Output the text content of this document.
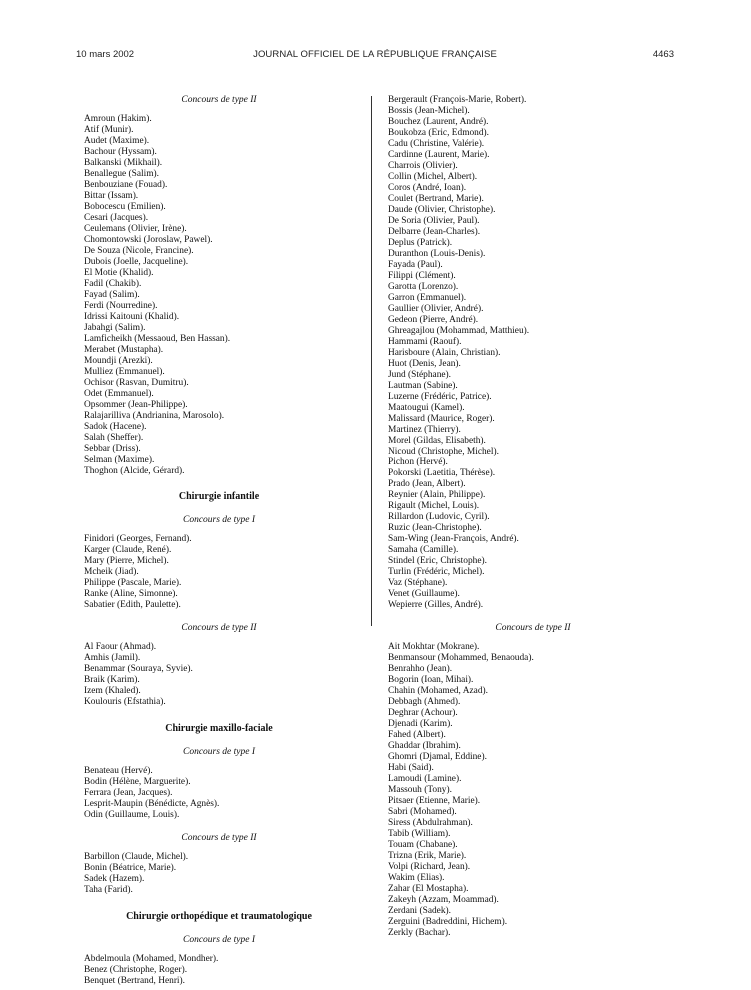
10 mars 2002	JOURNAL OFFICIEL DE LA RÉPUBLIQUE FRANÇAISE	4463
Concours de type II
Amroun (Hakim).
Atif (Munir).
Audet (Maxime).
Bachour (Hyssam).
Balkanski (Mikhail).
Benallegue (Salim).
Benbouziane (Fouad).
Bittar (Issam).
Bobocescu (Emilien).
Cesari (Jacques).
Ceulemans (Olivier, Irène).
Chomontowski (Joroslaw, Pawel).
De Souza (Nicole, Francine).
Dubois (Joelle, Jacqueline).
El Motie (Khalid).
Fadil (Chakib).
Fayad (Salim).
Ferdi (Nourredine).
Idrissi Kaitouni (Khalid).
Jabahgi (Salim).
Lamficheikh (Messaoud, Ben Hassan).
Merabet (Mustapha).
Moundji (Arezki).
Mulliez (Emmanuel).
Ochisor (Rasvan, Dumitru).
Odet (Emmanuel).
Opsommer (Jean-Philippe).
Ralajarilliva (Andrianina, Marosolo).
Sadok (Hacene).
Salah (Sheffer).
Sebbar (Driss).
Selman (Maxime).
Thoghon (Alcide, Gérard).
Chirurgie infantile
Concours de type I
Finidori (Georges, Fernand).
Karger (Claude, René).
Mary (Pierre, Michel).
Mcheik (Jiad).
Philippe (Pascale, Marie).
Ranke (Aline, Simonne).
Sabatier (Edith, Paulette).
Concours de type II
Al Faour (Ahmad).
Amhis (Jamil).
Benammar (Souraya, Syvie).
Braik (Karim).
Izem (Khaled).
Koulouris (Efstathia).
Chirurgie maxillo-faciale
Concours de type I
Benateau (Hervé).
Bodin (Hélène, Marguerite).
Ferrara (Jean, Jacques).
Lesprit-Maupin (Bénédicte, Agnès).
Odin (Guillaume, Louis).
Concours de type II
Barbillon (Claude, Michel).
Bonin (Béatrice, Marie).
Sadek (Hazem).
Taha (Farid).
Chirurgie orthopédique et traumatologique
Concours de type I
Abdelmoula (Mohamed, Mondher).
Benez (Christophe, Roger).
Benquet (Bertrand, Henri).
Bergerault (François-Marie, Robert).
Bossis (Jean-Michel).
Bouchez (Laurent, André).
Boukobza (Eric, Edmond).
Cadu (Christine, Valérie).
Cardinne (Laurent, Marie).
Charrois (Olivier).
Collin (Michel, Albert).
Coros (André, Ioan).
Coulet (Bertrand, Marie).
Daude (Olivier, Christophe).
De Soria (Olivier, Paul).
Delbarre (Jean-Charles).
Deplus (Patrick).
Duranthon (Louis-Denis).
Fayada (Paul).
Filippi (Clément).
Garotta (Lorenzo).
Garron (Emmanuel).
Gaullier (Olivier, André).
Gedeon (Pierre, André).
Ghreagajlou (Mohammad, Matthieu).
Hammami (Raouf).
Harisboure (Alain, Christian).
Huot (Denis, Jean).
Jund (Stéphane).
Lautman (Sabine).
Luzerne (Frédéric, Patrice).
Maatougui (Kamel).
Malissard (Maurice, Roger).
Martinez (Thierry).
Morel (Gildas, Elisabeth).
Nicoud (Christophe, Michel).
Pichon (Hervé).
Pokorski (Laetitia, Thérèse).
Prado (Jean, Albert).
Reynier (Alain, Philippe).
Rigault (Michel, Louis).
Rillardon (Ludovic, Cyril).
Ruzic (Jean-Christophe).
Sam-Wing (Jean-François, André).
Samaha (Camille).
Stindel (Eric, Christophe).
Turlin (Frédéric, Michel).
Vaz (Stéphane).
Venet (Guillaume).
Wepierre (Gilles, André).
Concours de type II
Ait Mokhtar (Mokrane).
Benmansour (Mohammed, Benaouda).
Benrahho (Jean).
Bogorin (Ioan, Mihai).
Chahin (Mohamed, Azad).
Debbagh (Ahmed).
Deghrar (Achour).
Djenadi (Karim).
Fahed (Albert).
Ghaddar (Ibrahim).
Ghomri (Djamal, Eddine).
Habi (Said).
Lamoudi (Lamine).
Massouh (Tony).
Pitsaer (Etienne, Marie).
Sabri (Mohamed).
Siress (Abdulrahman).
Tabib (William).
Touam (Chabane).
Trizna (Erik, Marie).
Volpi (Richard, Jean).
Wakim (Elias).
Zahar (El Mostapha).
Zakeyh (Azzam, Moammad).
Zerdani (Sadek).
Zerguini (Badreddini, Hichem).
Zerkly (Bachar).
